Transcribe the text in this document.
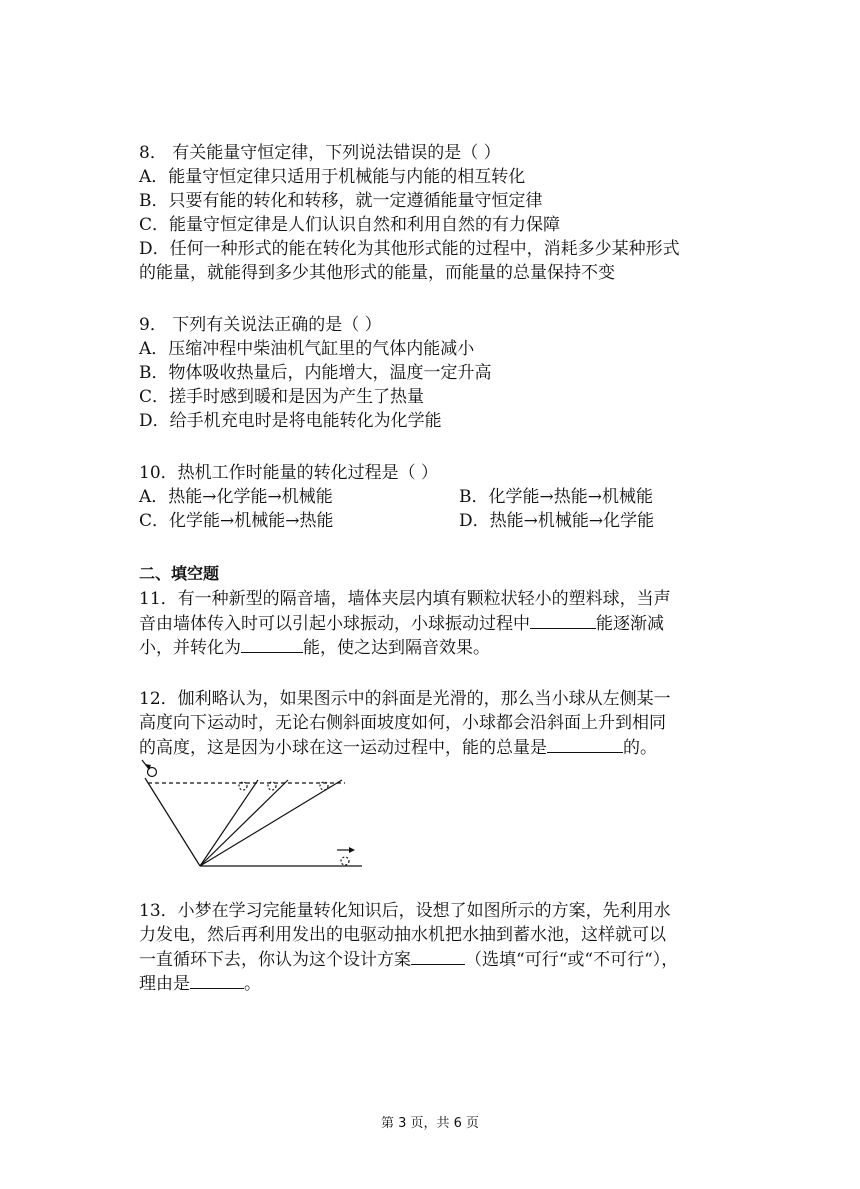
8． 有关能量守恒定律，下列说法错误的是（ ）
A．能量守恒定律只适用于机械能与内能的相互转化
B．只要有能的转化和转移，就一定遵循能量守恒定律
C．能量守恒定律是人们认识自然和利用自然的有力保障
D．任何一种形式的能在转化为其他形式能的过程中，消耗多少某种形式
的能量，就能得到多少其他形式的能量，而能量的总量保持不变
9． 下列有关说法正确的是（ ）
A．压缩冲程中柴油机气缸里的气体内能减小
B．物体吸收热量后，内能增大，温度一定升高
C．搓手时感到暖和是因为产生了热量
D．给手机充电时是将电能转化为化学能
10．热机工作时能量的转化过程是（ ）
A．热能→化学能→机械能	B．化学能→热能→机械能
C．化学能→机械能→热能	D．热能→机械能→化学能
二、填空题
11．有一种新型的隔音墙，墙体夹层内填有颗粒状轻小的塑料球，当声
音由墙体传入时可以引起小球振动，小球振动过程中	能逐渐减
小，并转化为	能，使之达到隔音效果。
12．伽利略认为，如果图示中的斜面是光滑的，那么当小球从左侧某一
高度向下运动时，无论右侧斜面坡度如何，小球都会沿斜面上升到相同
的高度，这是因为小球在这一运动过程中，能的总量是	的。
13．小梦在学习完能量转化知识后，设想了如图所示的方案，先利用水
力发电，然后再利用发出的电驱动抽水机把水抽到蓄水池，这样就可以
一直循环下去，你认为这个设计方案	（选填“可行“或“不可行“），
理由是	。
第 3 页，共 6 页
